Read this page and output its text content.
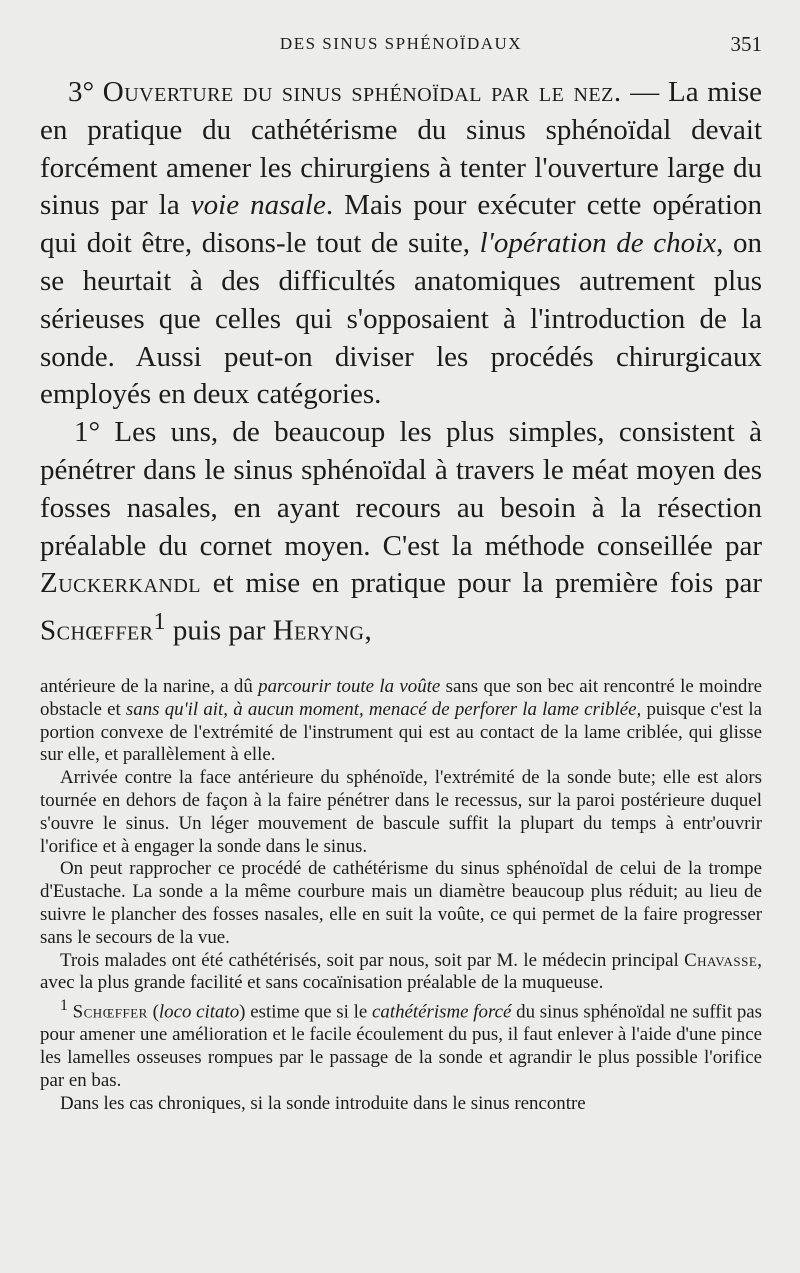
DES SINUS SPHÉNOÏDAUX	351

3° Ouverture du sinus sphénoïdal par le nez. — La mise en pratique du cathétérisme du sinus sphénoïdal devait forcément amener les chirurgiens à tenter l'ouverture large du sinus par la voie nasale. Mais pour exécuter cette opération qui doit être, disons-le tout de suite, l'opération de choix, on se heurtait à des difficultés anatomiques autrement plus sérieuses que celles qui s'opposaient à l'introduction de la sonde. Aussi peut-on diviser les procédés chirurgicaux employés en deux catégories.

1° Les uns, de beaucoup les plus simples, consistent à pénétrer dans le sinus sphénoïdal à travers le méat moyen des fosses nasales, en ayant recours au besoin à la résection préalable du cornet moyen. C'est la méthode conseillée par Zuckerkandl et mise en pratique pour la première fois par Schœffer$^1$ puis par Heryng,

antérieure de la narine, a dû parcourir toute la voûte sans que son bec ait rencontré le moindre obstacle et sans qu'il ait, à aucun moment, menacé de perforer la lame criblée, puisque c'est la portion convexe de l'extrémité de l'instrument qui est au contact de la lame criblée, qui glisse sur elle, et parallèlement à elle.

Arrivée contre la face antérieure du sphénoïde, l'extrémité de la sonde bute; elle est alors tournée en dehors de façon à la faire pénétrer dans le recessus, sur la paroi postérieure duquel s'ouvre le sinus. Un léger mouvement de bascule suffit la plupart du temps à entr'ouvrir l'orifice et à engager la sonde dans le sinus.

On peut rapprocher ce procédé de cathétérisme du sinus sphénoïdal de celui de la trompe d'Eustache. La sonde a la même courbure mais un diamètre beaucoup plus réduit; au lieu de suivre le plancher des fosses nasales, elle en suit la voûte, ce qui permet de la faire progresser sans le secours de la vue.

Trois malades ont été cathétérisés, soit par nous, soit par M. le médecin principal Chavasse, avec la plus grande facilité et sans cocaïnisation préalable de la muqueuse.

$^1$ Schœffer (loco citato) estime que si le cathétérisme forcé du sinus sphénoïdal ne suffit pas pour amener une amélioration et le facile écoulement du pus, il faut enlever à l'aide d'une pince les lamelles osseuses rompues par le passage de la sonde et agrandir le plus possible l'orifice par en bas.

Dans les cas chroniques, si la sonde introduite dans le sinus rencontre
